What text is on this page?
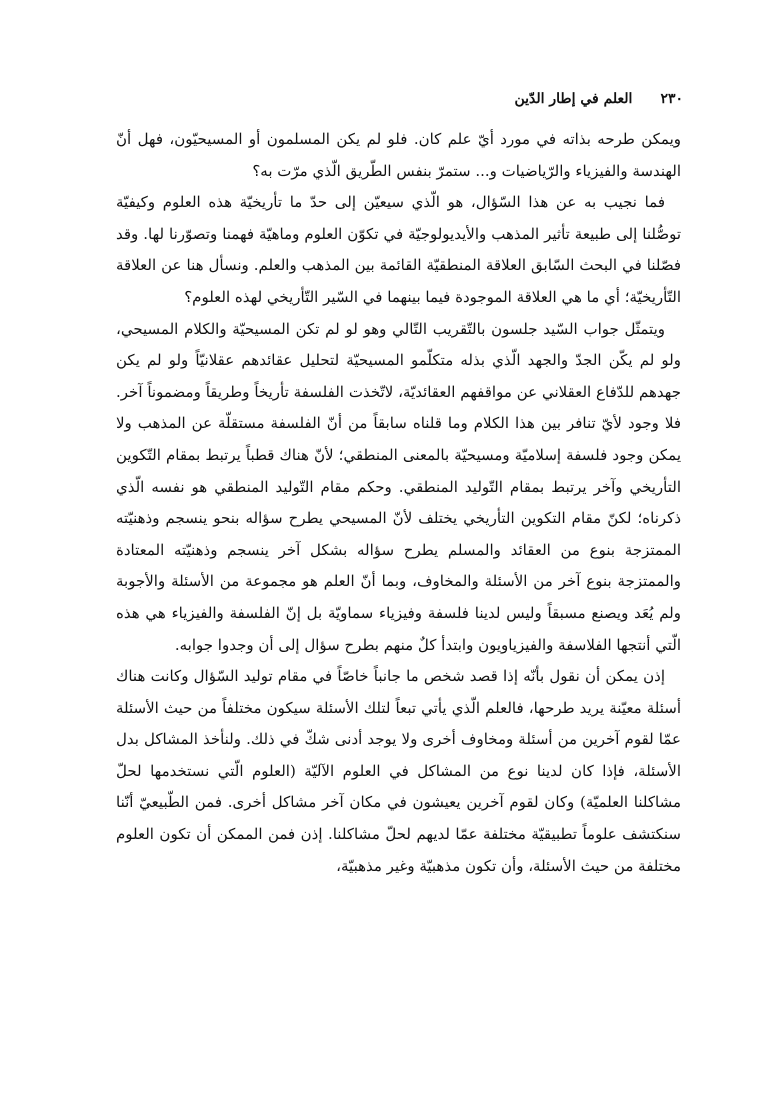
٢٣٠
العلم في إطار الدّين

ويمكن طرحه بذاته في مورد أيّ علم كان. فلو لم يكن المسلمون أو المسيحيّون، فهل أنّ الهندسة والفيزياء والرّياضيات و... ستمرّ بنفس الطّريق الّذي مرّت به؟

فما نجيب به عن هذا السّؤال، هو الّذي سيعيّن إلى حدّ ما تأريخيّة هذه العلوم وكيفيّة توصُّلنا إلى طبيعة تأثير المذهب والأيديولوجيّة في تكوّن العلوم وماهيّة فهمنا وتصوّرنا لها. وقد فصّلنا في البحث السّابق العلاقة المنطقيّة القائمة بين المذهب والعلم. ونسأل هنا عن العلاقة التّأريخيّة؛ أي ما هي العلاقة الموجودة فيما بينهما في السّير التّأريخي لهذه العلوم؟

ويتمثّل جواب السّيد جلسون بالتّقريب التّالي وهو لو لم تكن المسيحيّة والكلام المسيحي، ولو لم يكّن الجدّ والجهد الّذي بذله متكلّمو المسيحيّة لتحليل عقائدهم عقلانيّاً ولو لم يكن جهدهم للدّفاع العقلاني عن مواقفهم العقائديّة، لاتّخذت الفلسفة تأريخاً وطريقاً ومضموناً آخر. فلا وجود لأيّ تنافر بين هذا الكلام وما قلناه سابقاً من أنّ الفلسفة مستقلّة عن المذهب ولا يمكن وجود فلسفة إسلاميّة ومسيحيّة بالمعنى المنطقي؛ لأنّ هناك قطباً يرتبط بمقام التّكوين التأريخي وآخر يرتبط بمقام التّوليد المنطقي. وحكم مقام التّوليد المنطقي هو نفسه الّذي ذكرناه؛ لكنّ مقام التكوين التأريخي يختلف لأنّ المسيحي يطرح سؤاله بنحو ينسجم وذهنيّته الممتزجة بنوع من العقائد والمسلم يطرح سؤاله بشكل آخر ينسجم وذهنيّته المعتادة والممتزجة بنوع آخر من الأسئلة والمخاوف، وبما أنّ العلم هو مجموعة من الأسئلة والأجوبة ولم يُعَد ويصنع مسبقاً وليس لدينا فلسفة وفيزياء سماويّة بل إنّ الفلسفة والفيزياء هي هذه الّتي أنتجها الفلاسفة والفيزياويون وابتدأ كلٌ منهم بطرح سؤال إلى أن وجدوا جوابه.

إذن يمكن أن نقول بأنّه إذا قصد شخص ما جانباً خاصّاً في مقام توليد السّؤال وكانت هناك أسئلة معيّنة يريد طرحها، فالعلم الّذي يأتي تبعاً لتلك الأسئلة سيكون مختلفاً من حيث الأسئلة عمّا لقوم آخرين من أسئلة ومخاوف أخرى ولا يوجد أدنى شكّ في ذلك. ولنأخذ المشاكل بدل الأسئلة، فإذا كان لدينا نوع من المشاكل في العلوم الآليّة (العلوم الّتي نستخدمها لحلّ مشاكلنا العلميّة) وكان لقوم آخرين يعيشون في مكان آخر مشاكل أخرى. فمن الطّبيعيّ أنّنا سنكتشف علوماً تطبيقيّة مختلفة عمّا لديهم لحلّ مشاكلنا. إذن فمن الممكن أن تكون العلوم مختلفة من حيث الأسئلة، وأن تكون مذهبيّة وغير مذهبيّة،
